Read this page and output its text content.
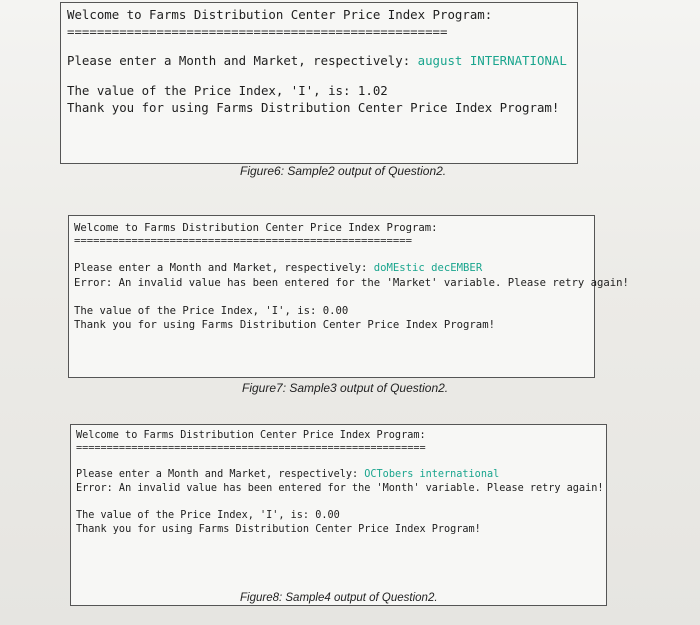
Welcome to Farms Distribution Center Price Index Program:
===================================================
Please enter a Month and Market, respectively: august INTERNATIONAL
The value of the Price Index, 'I', is: 1.02
Thank you for using Farms Distribution Center Price Index Program!
Figure6: Sample2 output of Question2.
Welcome to Farms Distribution Center Price Index Program:
=====================================================
Please enter a Month and Market, respectively: doMEstic decEMBER
Error: An invalid value has been entered for the 'Market' variable. Please retry again!
The value of the Price Index, 'I', is: 0.00
Thank you for using Farms Distribution Center Price Index Program!
Figure7: Sample3 output of Question2.
Welcome to Farms Distribution Center Price Index Program:
=========================================================
Please enter a Month and Market, respectively: OCTobers international
Error: An invalid value has been entered for the 'Month' variable. Please retry again!
The value of the Price Index, 'I', is: 0.00
Thank you for using Farms Distribution Center Price Index Program!
Figure8: Sample4 output of Question2.
